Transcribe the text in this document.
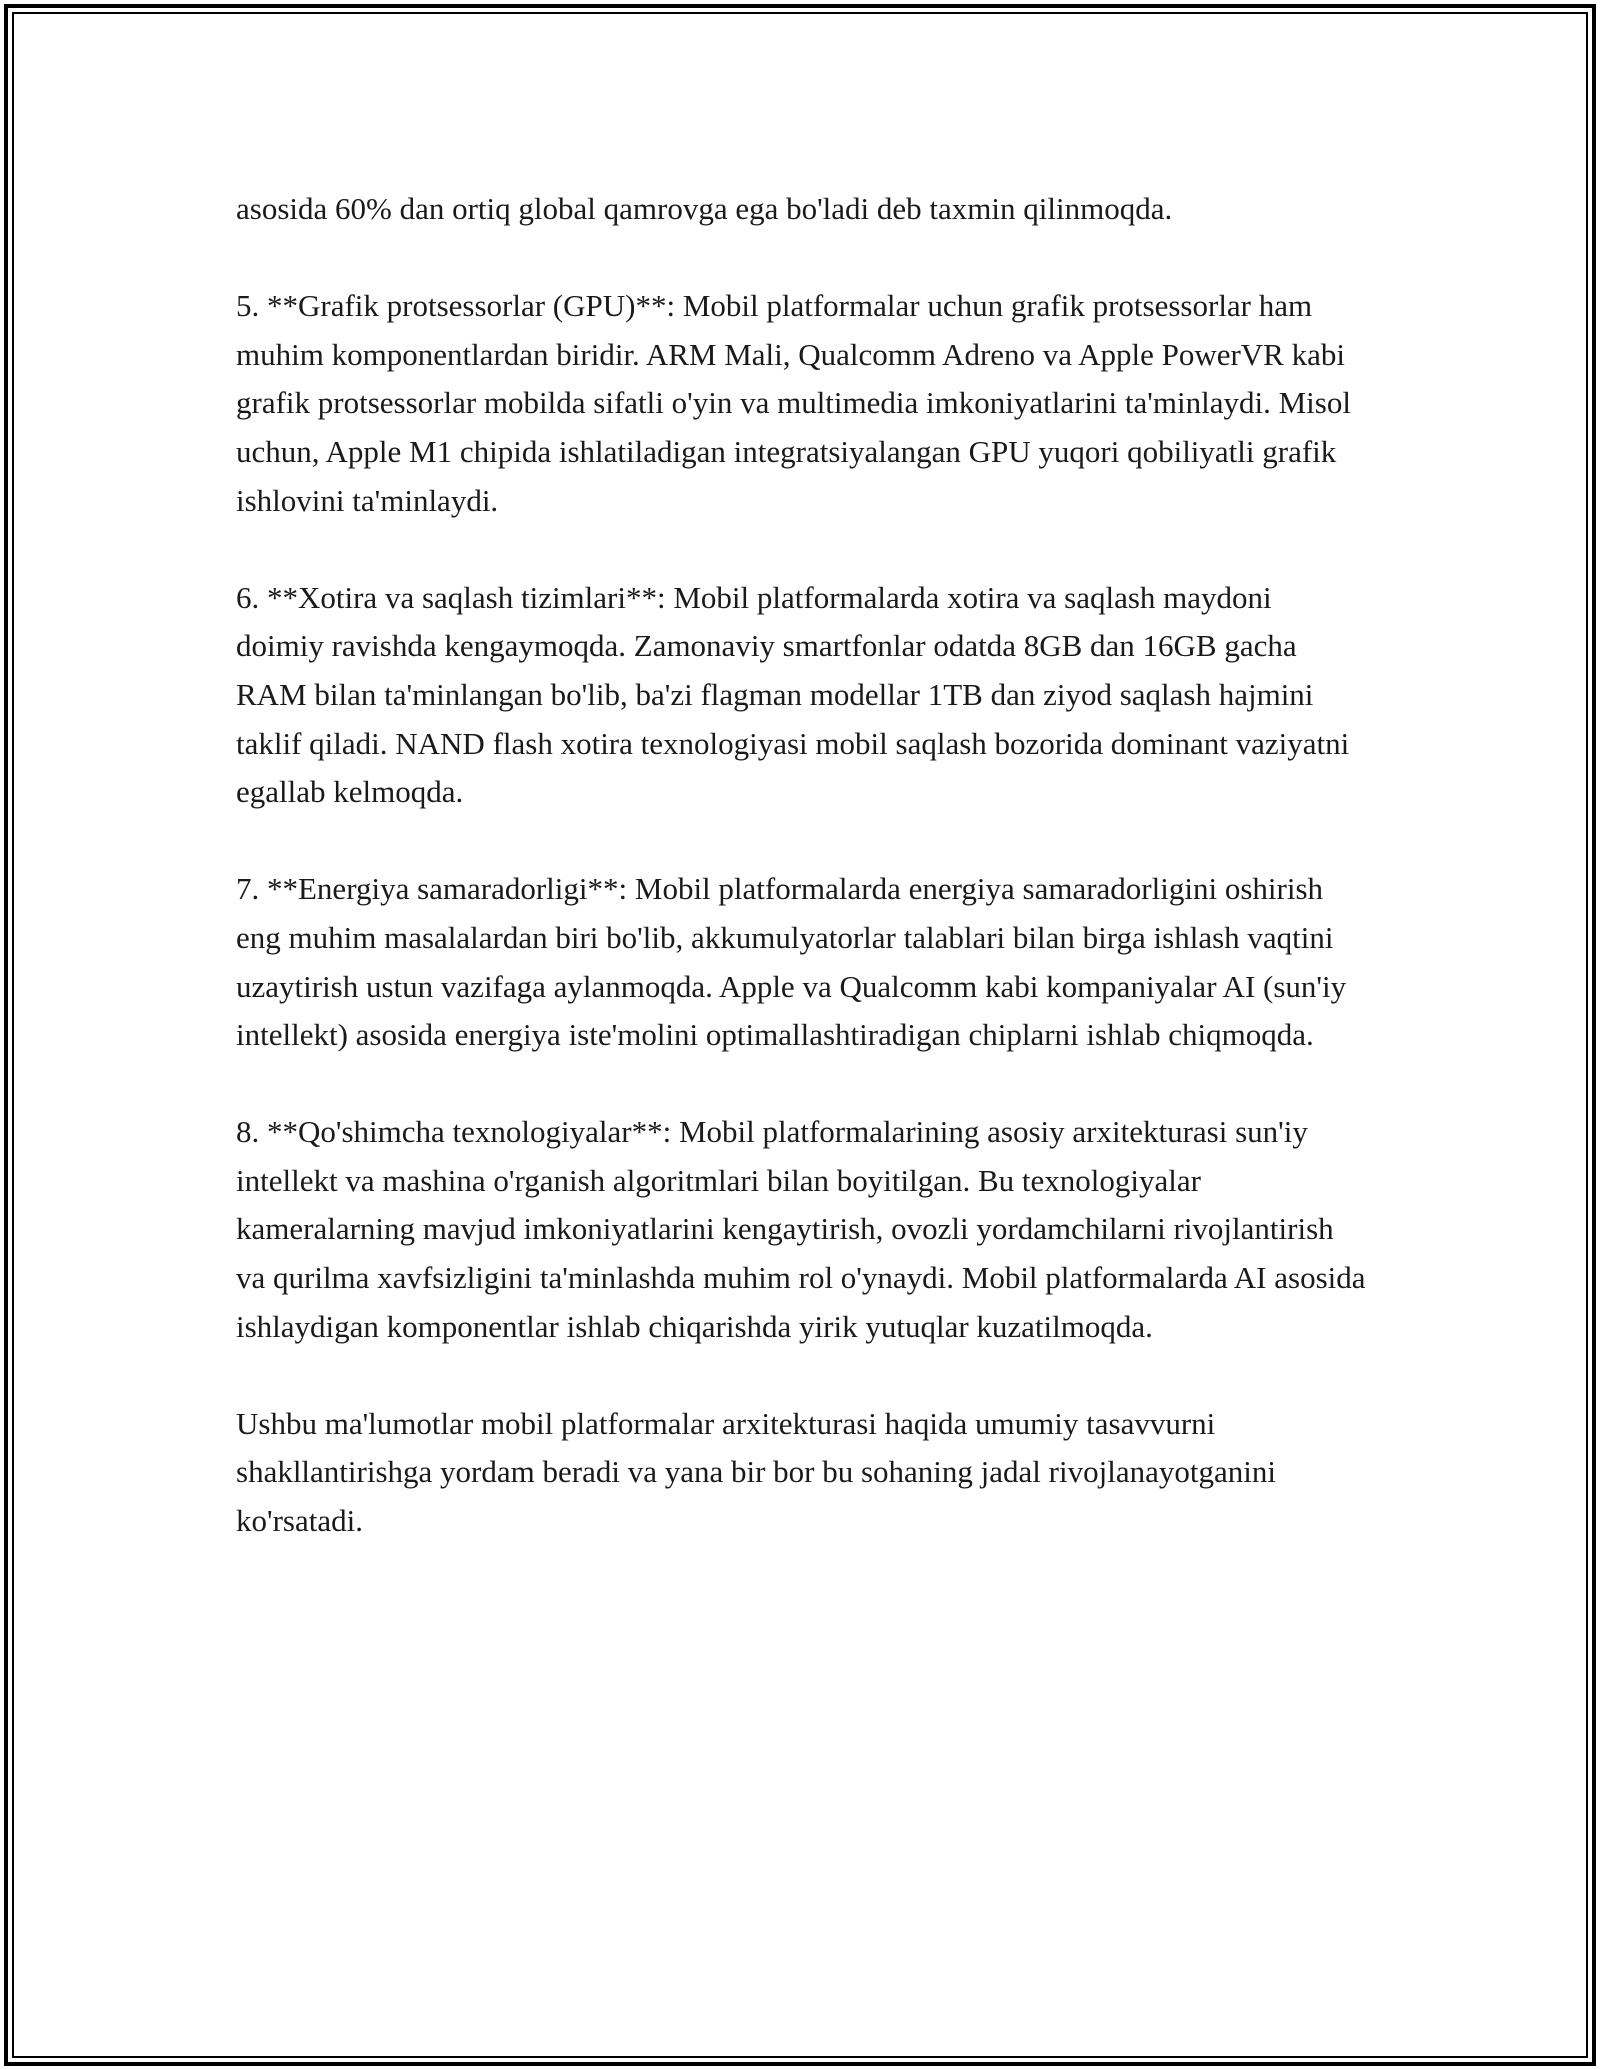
asosida 60% dan ortiq global qamrovga ega bo'ladi deb taxmin qilinmoqda.

5. **Grafik protsessorlar (GPU)**: Mobil platformalar uchun grafik protsessorlar ham muhim komponentlardan biridir. ARM Mali, Qualcomm Adreno va Apple PowerVR kabi grafik protsessorlar mobilda sifatli o'yin va multimedia imkoniyatlarini ta'minlaydi. Misol uchun, Apple M1 chipida ishlatiladigan integratsiyalangan GPU yuqori qobiliyatli grafik ishlovini ta'minlaydi.

6. **Xotira va saqlash tizimlari**: Mobil platformalarda xotira va saqlash maydoni doimiy ravishda kengaymoqda. Zamonaviy smartfonlar odatda 8GB dan 16GB gacha RAM bilan ta'minlangan bo'lib, ba'zi flagman modellar 1TB dan ziyod saqlash hajmini taklif qiladi. NAND flash xotira texnologiyasi mobil saqlash bozorida dominant vaziyatni egallab kelmoqda.

7. **Energiya samaradorligi**: Mobil platformalarda energiya samaradorligini oshirish eng muhim masalalardan biri bo'lib, akkumulyatorlar talablari bilan birga ishlash vaqtini uzaytirish ustun vazifaga aylanmoqda. Apple va Qualcomm kabi kompaniyalar AI (sun'iy intellekt) asosida energiya iste'molini optimallashtiradigan chiplarni ishlab chiqmoqda.

8. **Qo'shimcha texnologiyalar**: Mobil platformalarining asosiy arxitekturasi sun'iy intellekt va mashina o'rganish algoritmlari bilan boyitilgan. Bu texnologiyalar kameralarning mavjud imkoniyatlarini kengaytirish, ovozli yordamchilarni rivojlantirish va qurilma xavfsizligini ta'minlashda muhim rol o'ynaydi. Mobil platformalarda AI asosida ishlaydigan komponentlar ishlab chiqarishda yirik yutuqlar kuzatilmoqda.

Ushbu ma'lumotlar mobil platformalar arxitekturasi haqida umumiy tasavvurni shakllantirishga yordam beradi va yana bir bor bu sohaning jadal rivojlanayotganini ko'rsatadi.
